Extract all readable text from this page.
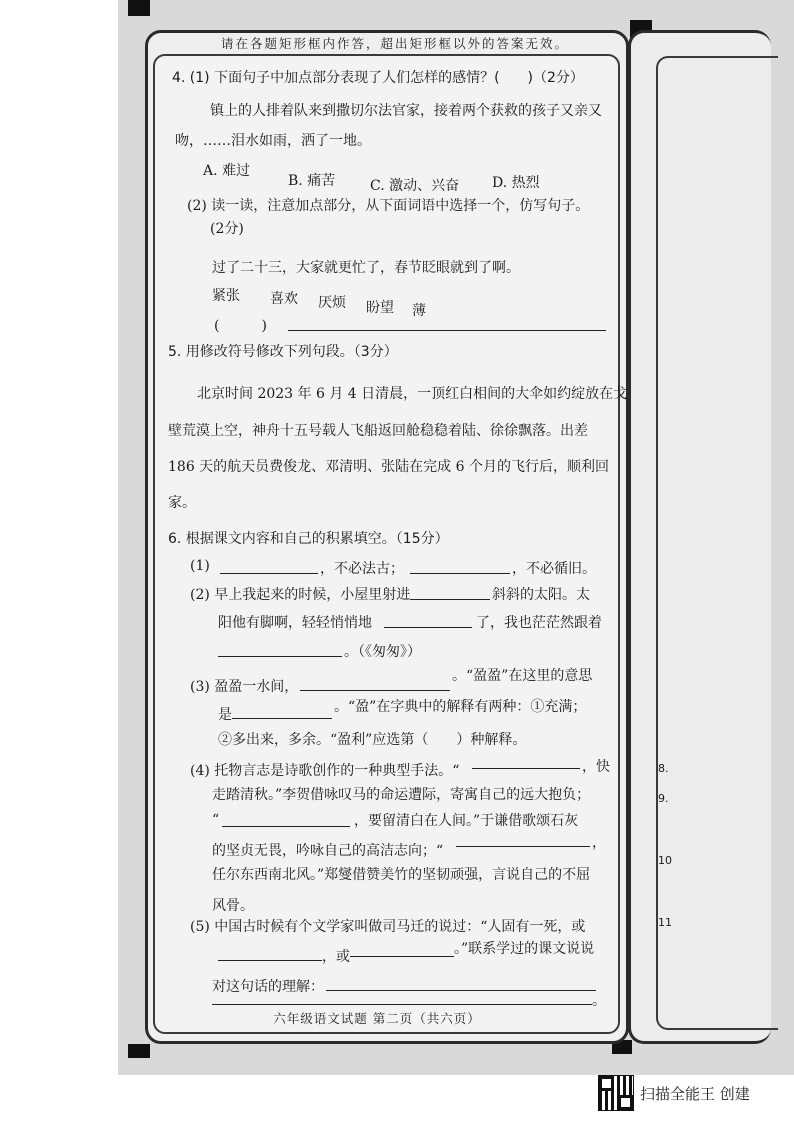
8.
9.
10
11
请在各题矩形框内作答，超出矩形框以外的答案无效。
4. (1) 下面句子中加点部分表现了人们怎样的感情？(　　)（2分）
镇上的人排着队来到撒切尔法官家，接着两个获救的孩子又亲又
吻，……泪水如雨，洒了一地。
A. 难过
B. 痛苦 C. 激动、兴奋 D. 热烈
(2) 读一读，注意加点部分，从下面词语中选择一个，仿写句子。
(2分)
过了二十三，大家就更忙了，春节眨眼就到了啊。
紧张 喜欢 厌烦 盼望 薄
(　　　)
5. 用修改符号修改下列句段。（3分）
北京时间 2023 年 6 月 4 日清晨，一顶红白相间的大伞如约绽放在戈
壁荒漠上空，神舟十五号载人飞船返回舱稳稳着陆、徐徐飘落。出差
186 天的航天员费俊龙、邓清明、张陆在完成 6 个月的飞行后，顺利回
家。
6. 根据课文内容和自己的积累填空。（15分）
(1)	，不必法古；	，不必循旧。
(2) 早上我起来的时候，小屋里射进	斜斜的太阳。太
阳他有脚啊，轻轻悄悄地	了，我也茫茫然跟着
。（《匆匆》）
(3) 盈盈一水间，
。“盈盈”在这里的意思
是	。“盈”在字典中的解释有两种：①充满；
②多出来，多余。“盈利”应选第（　　）种解释。
(4) 托物言志是诗歌创作的一种典型手法。“	，快
走踏清秋。”李贺借咏叹马的命运遭际，寄寓自己的远大抱负；
“	，要留清白在人间。”于谦借歌颂石灰
的坚贞无畏，吟咏自己的高洁志向；“	，
任尔东西南北风。”郑燮借赞美竹的坚韧顽强，言说自己的不屈
风骨。
(5) 中国古时候有个文学家叫做司马迁的说过：“人固有一死，或
，或	。”联系学过的课文说说
对这句话的理解：
。
六年级语文试题 第二页（共六页）
扫描全能王 创建
